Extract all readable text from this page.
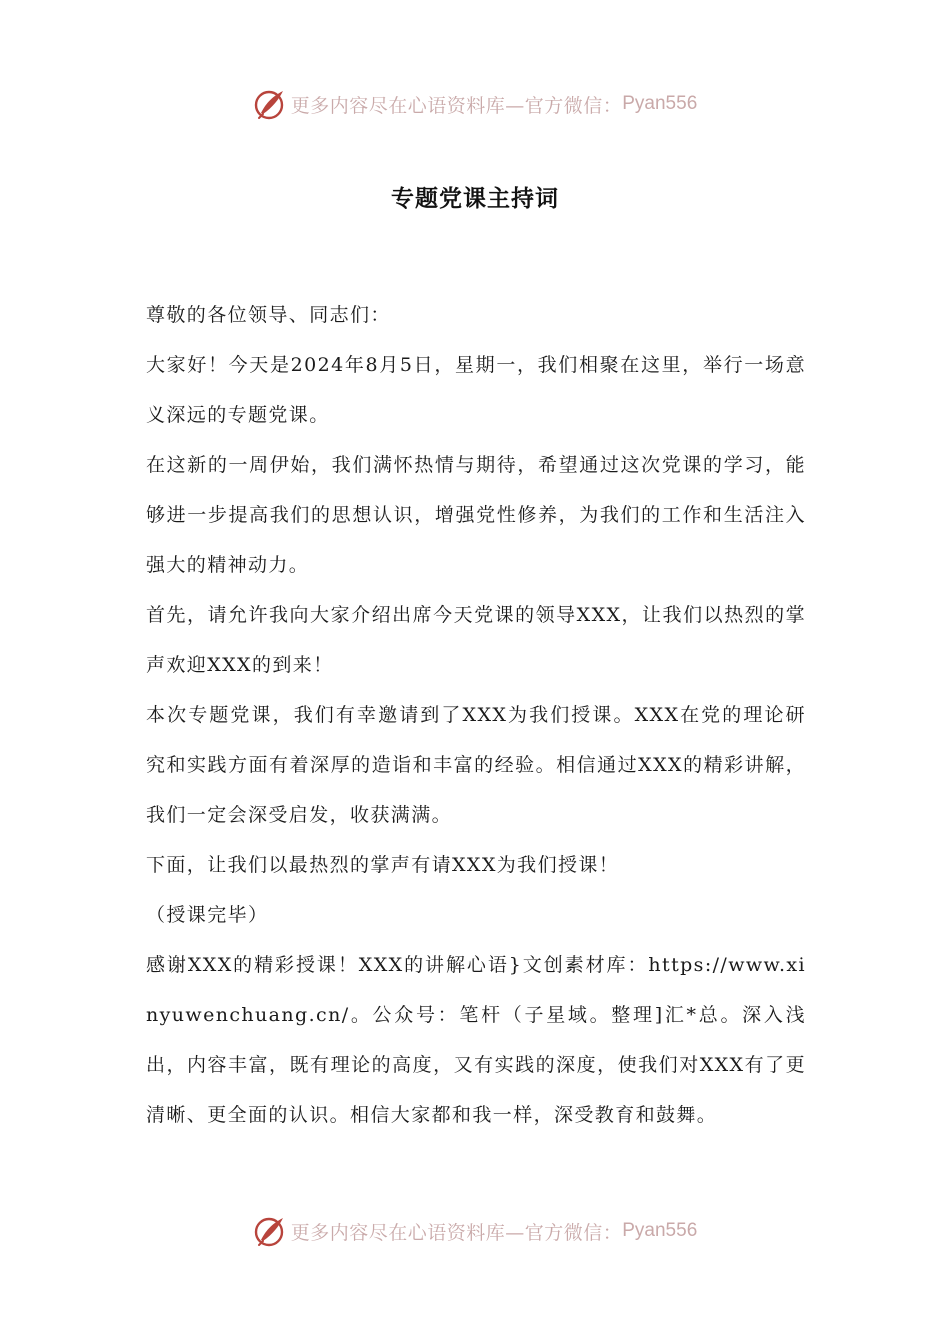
更多内容尽在心语资料库—官方微信： Pyan556
专题党课主持词

尊敬的各位领导、同志们：

大家好！今天是2024年8月5日，星期一，我们相聚在这里，举行一场意义深远的专题党课。

在这新的一周伊始，我们满怀热情与期待，希望通过这次党课的学习，能够进一步提高我们的思想认识，增强党性修养，为我们的工作和生活注入强大的精神动力。

首先，请允许我向大家介绍出席今天党课的领导XXX，让我们以热烈的掌声欢迎XXX的到来！

本次专题党课，我们有幸邀请到了XXX为我们授课。XXX在党的理论研究和实践方面有着深厚的造诣和丰富的经验。相信通过XXX的精彩讲解，我们一定会深受启发，收获满满。

下面，让我们以最热烈的掌声有请XXX为我们授课！

（授课完毕）

感谢XXX的精彩授课！XXX的讲解心语}文创素材库：https://www.xinyuwenchuang.cn/。公众号：笔杆（子星域。整理]汇*总。深入浅出，内容丰富，既有理论的高度，又有实践的深度，使我们对XXX有了更清晰、更全面的认识。相信大家都和我一样，深受教育和鼓舞。

更多内容尽在心语资料库—官方微信： Pyan556
